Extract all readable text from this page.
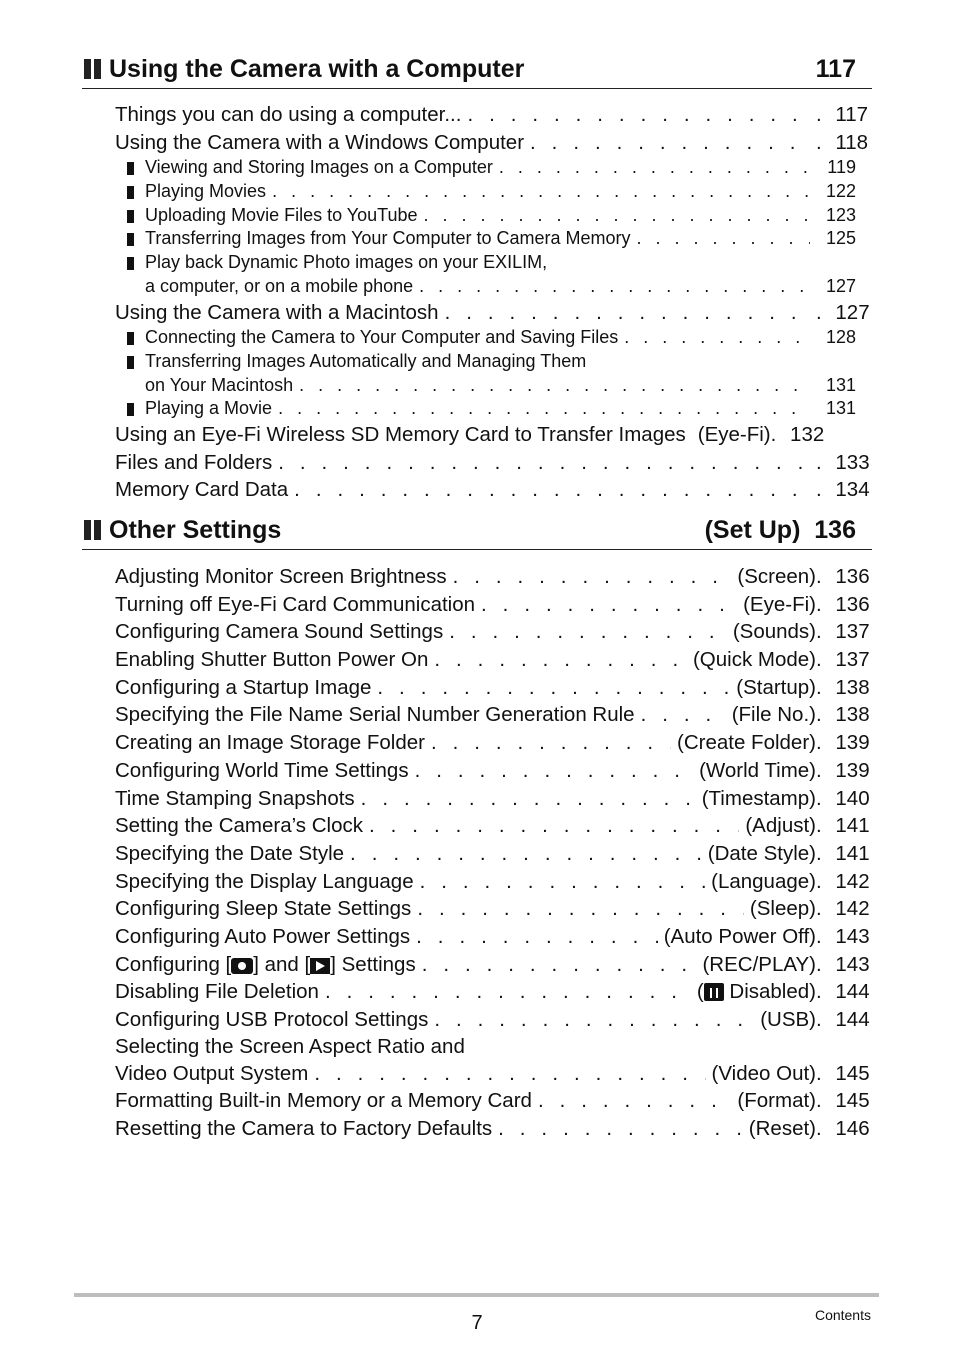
Using the Camera with a Computer	117
Things you can do using a computer... . . .	. 117
Using the Camera with a Windows Computer . . .	. 118
Viewing and Storing Images on a Computer . . .	119
Playing Movies . . .	122
Uploading Movie Files to YouTube . . .	123
Transferring Images from Your Computer to Camera Memory . . .	125
Play back Dynamic Photo images on your EXILIM,
a computer, or on a mobile phone . . .	127
Using the Camera with a Macintosh . . .	. 127
Connecting the Camera to Your Computer and Saving Files . . .	128
Transferring Images Automatically and Managing Them
on Your Macintosh . . .	131
Playing a Movie . . .	131
Using an Eye-Fi Wireless SD Memory Card to Transfer Images (Eye-Fi) . 132
Files and Folders . . .	. 133
Memory Card Data . . .	. 134
Other Settings	(Set Up)  136
Adjusting Monitor Screen Brightness . . .	(Screen) . 136
Turning off Eye-Fi Card Communication . . .	(Eye-Fi) . 136
Configuring Camera Sound Settings . . .	(Sounds) . 137
Enabling Shutter Button Power On . . .	(Quick Mode) . 137
Configuring a Startup Image . . .	(Startup) . 138
Specifying the File Name Serial Number Generation Rule . . .	(File No.) . 138
Creating an Image Storage Folder . . .	(Create Folder) . 139
Configuring World Time Settings . . .	(World Time) . 139
Time Stamping Snapshots . . .	(Timestamp) . 140
Setting the Camera’s Clock . . .	(Adjust) . 141
Specifying the Date Style . . .	(Date Style) . 141
Specifying the Display Language . . .	(Language) . 142
Configuring Sleep State Settings . . .	(Sleep) . 142
Configuring Auto Power Settings . . .	(Auto Power Off) . 143
Configuring [ ] and [ ] Settings . . .	(REC/PLAY) . 143
Disabling File Deletion . . .	( Disabled) . 144
Configuring USB Protocol Settings . . .	(USB) . 144
Selecting the Screen Aspect Ratio and
Video Output System . . .	(Video Out) . 145
Formatting Built-in Memory or a Memory Card . . .	(Format) . 145
Resetting the Camera to Factory Defaults . . .	(Reset) . 146
7	Contents
